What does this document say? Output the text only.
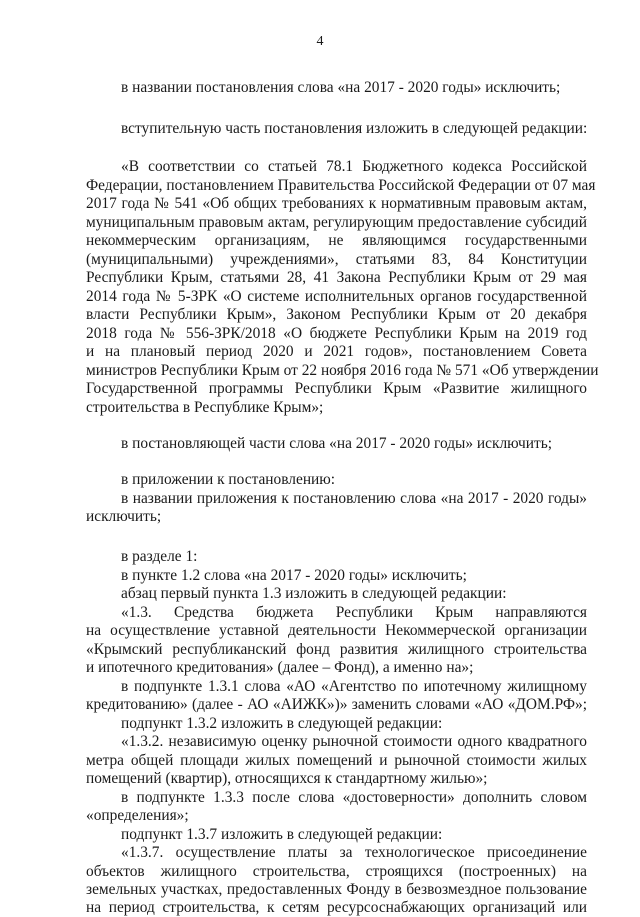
4
в названии постановления слова «на 2017 - 2020 годы» исключить;
вступительную часть постановления изложить в следующей редакции:
«В соответствии со статьей 78.1 Бюджетного кодекса Российской
Федерации, постановлением Правительства Российской Федерации от 07 мая
2017 года № 541 «Об общих требованиях к нормативным правовым актам,
муниципальным правовым актам, регулирующим предоставление субсидий
некоммерческим организациям, не являющимся государственными
(муниципальными) учреждениями», статьями 83, 84 Конституции
Республики Крым, статьями 28, 41 Закона Республики Крым от 29 мая
2014 года № 5-ЗРК «О системе исполнительных органов государственной
власти Республики Крым», Законом Республики Крым от 20 декабря
2018 года № 556-ЗРК/2018 «О бюджете Республики Крым на 2019 год
и на плановый период 2020 и 2021 годов», постановлением Совета
министров Республики Крым от 22 ноября 2016 года № 571 «Об утверждении
Государственной программы Республики Крым «Развитие жилищного
строительства в Республике Крым»;
в постановляющей части слова «на 2017 - 2020 годы» исключить;
в приложении к постановлению:
в названии приложения к постановлению слова «на 2017 - 2020 годы»
исключить;
в разделе 1:
в пункте 1.2 слова «на 2017 - 2020 годы» исключить;
абзац первый пункта 1.3 изложить в следующей редакции:
«1.3. Средства бюджета Республики Крым направляются
на осуществление уставной деятельности Некоммерческой организации
«Крымский республиканский фонд развития жилищного строительства
и ипотечного кредитования» (далее – Фонд), а именно на»;
в подпункте 1.3.1 слова «АО «Агентство по ипотечному жилищному
кредитованию» (далее - АО «АИЖК»)» заменить словами «АО «ДОМ.РФ»;
подпункт 1.3.2 изложить в следующей редакции:
«1.3.2. независимую оценку рыночной стоимости одного квадратного
метра общей площади жилых помещений и рыночной стоимости жилых
помещений (квартир), относящихся к стандартному жилью»;
в подпункте 1.3.3 после слова «достоверности» дополнить словом
«определения»;
подпункт 1.3.7 изложить в следующей редакции:
«1.3.7. осуществление платы за технологическое присоединение
объектов жилищного строительства, строящихся (построенных) на
земельных участках, предоставленных Фонду в безвозмездное пользование
на период строительства, к сетям ресурсоснабжающих организаций или
